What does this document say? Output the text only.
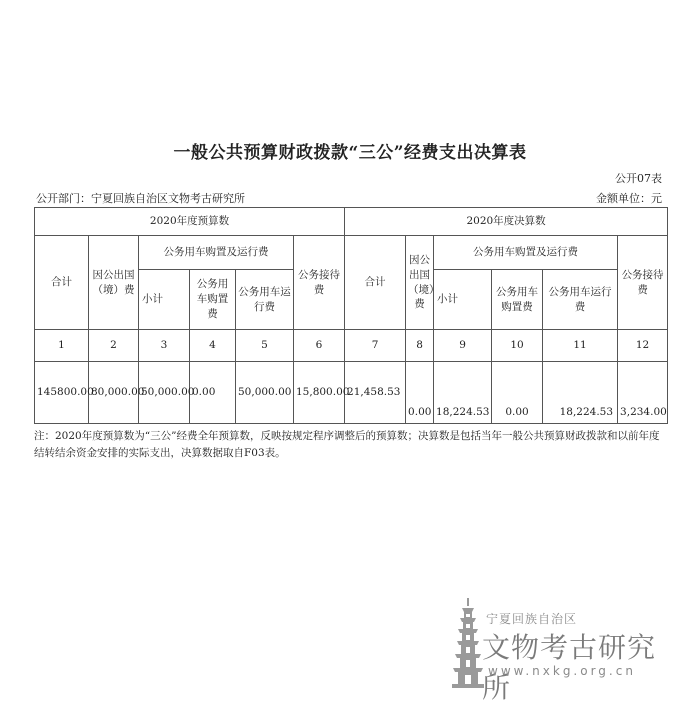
一般公共预算财政拨款“三公”经费支出决算表
公开07表
公开部门：宁夏回族自治区文物考古研究所	金额单位：元
2020年度预算数						2020年度决算数					
合计	因公出国（境）费	公务用车购置及运行费			公务接待费	合计	因公出国（境）费	公务用车购置及运行费			公务接待费
		小计	公务用车购置费	公务用车运行费				小计	公务用车购置费	公务用车运行费	
1	2	3	4	5	6	7	8	9	10	11	12
145800.00	80,000.00	50,000.00	0.00	50,000.00	15,800.00	21,458.53	0.00	18,224.53	0.00	18,224.53	3,234.00
注：2020年度预算数为“三公”经费全年预算数，反映按规定程序调整后的预算数；决算数是包括当年一般公共预算财政拨款和以前年度结转结余资金安排的实际支出，决算数据取自F03表。
宁夏回族自治区
文物考古研究所
www.nxkg.org.cn
